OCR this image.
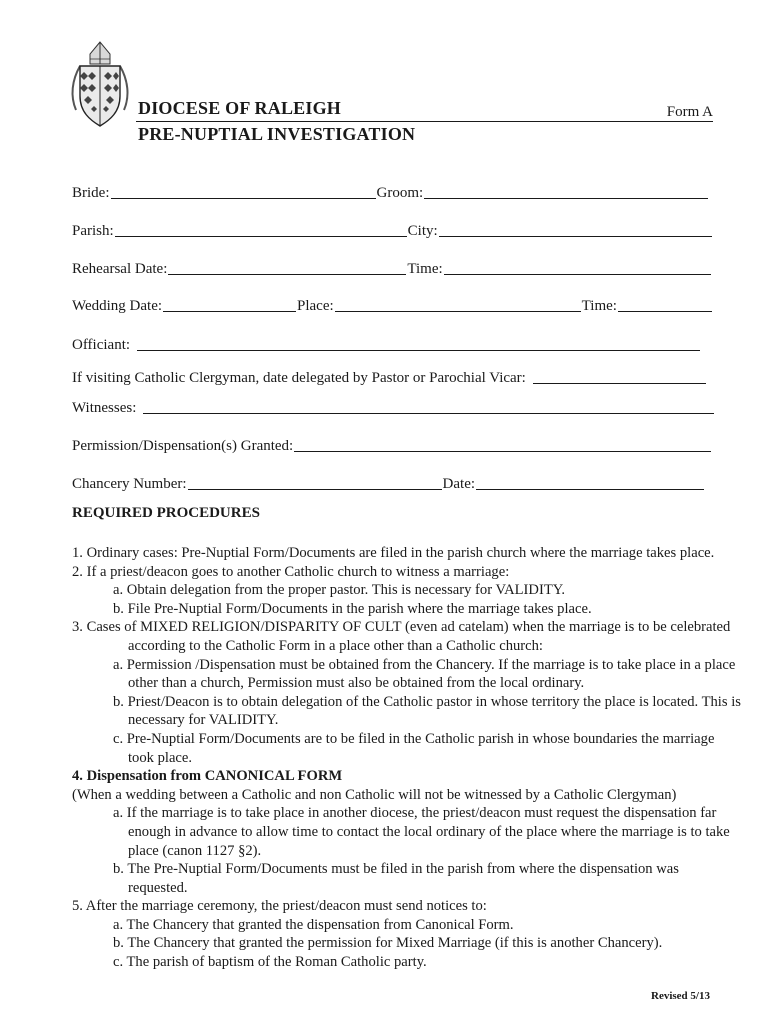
DIOCESE OF RALEIGH
PRE-NUPTIAL INVESTIGATION
Form A
Bride:	Groom:
Parish:	City:
Rehearsal Date:	Time:
Wedding Date:	Place:	Time:
Officiant:
If visiting Catholic Clergyman, date delegated by Pastor or Parochial Vicar:
Witnesses:
Permission/Dispensation(s) Granted:
Chancery Number:	Date:
REQUIRED PROCEDURES

1. Ordinary cases: Pre-Nuptial Form/Documents are filed in the parish church where the marriage takes place.

2. If a priest/deacon goes to another Catholic church to witness a marriage:

a. Obtain delegation from the proper pastor. This is necessary for VALIDITY.

b. File Pre-Nuptial Form/Documents in the parish where the marriage takes place.

3. Cases of MIXED RELIGION/DISPARITY OF CULT (even ad catelam) when the marriage is to be celebrated according to the Catholic Form in a place other than a Catholic church:

a. Permission /Dispensation must be obtained from the Chancery. If the marriage is to take place in a place other than a church, Permission must also be obtained from the local ordinary.

b. Priest/Deacon is to obtain delegation of the Catholic pastor in whose territory the place is located. This is necessary for VALIDITY.

c. Pre-Nuptial Form/Documents are to be filed in the Catholic parish in whose boundaries the marriage took place.

4. Dispensation from CANONICAL FORM

(When a wedding between a Catholic and non Catholic will not be witnessed by a Catholic Clergyman)

a. If the marriage is to take place in another diocese, the priest/deacon must request the dispensation far enough in advance to allow time to contact the local ordinary of the place where the marriage is to take place (canon 1127 §2).

b. The Pre-Nuptial Form/Documents must be filed in the parish from where the dispensation was requested.

5. After the marriage ceremony, the priest/deacon must send notices to:

a. The Chancery that granted the dispensation from Canonical Form.

b. The Chancery that granted the permission for Mixed Marriage (if this is another Chancery).

c. The parish of baptism of the Roman Catholic party.

Revised 5/13
